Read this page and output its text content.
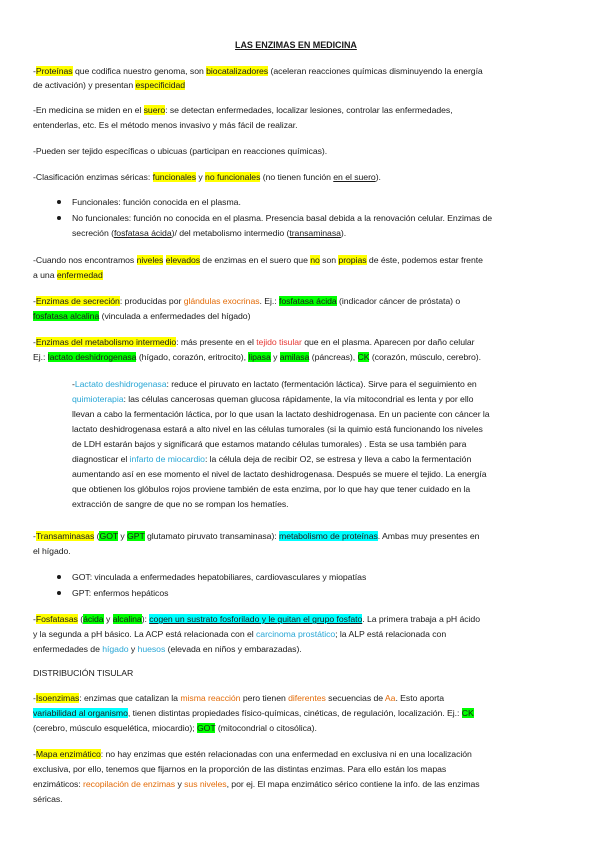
LAS ENZIMAS EN MEDICINA
-Proteínas que codifica nuestro genoma, son biocatalizadores (aceleran reacciones químicas disminuyendo la energía
de activación) y presentan especificidad
-En medicina se miden en el suero: se detectan enfermedades, localizar lesiones, controlar las enfermedades,
entenderlas, etc. Es el método menos invasivo y más fácil de realizar.
-Pueden ser tejido específicas o ubicuas (participan en reacciones químicas).
-Clasificación enzimas séricas: funcionales y no funcionales (no tienen función en el suero).
Funcionales: función conocida en el plasma.
No funcionales: función no conocida en el plasma. Presencia basal debida a la renovación celular. Enzimas de
secreción (fosfatasa ácida)/ del metabolismo intermedio (transaminasa).
-Cuando nos encontramos niveles elevados de enzimas en el suero que no son propias de éste, podemos estar frente
a una enfermedad
-Enzimas de secreción: producidas por glándulas exocrinas. Ej.: fosfatasa ácida (indicador cáncer de próstata) o
fosfatasa alcalina (vinculada a enfermedades del hígado)
-Enzimas del metabolismo intermedio: más presente en el tejido tisular que en el plasma. Aparecen por daño celular
Ej.: lactato deshidrogenasa (hígado, corazón, eritrocito), lipasa y amilasa (páncreas), CK (corazón, músculo, cerebro).
-Lactato deshidrogenasa: reduce el piruvato en lactato (fermentación láctica). Sirve para el seguimiento en
quimioterapia: las células cancerosas queman glucosa rápidamente, la vía mitocondrial es lenta y por ello
llevan a cabo la fermentación láctica, por lo que usan la lactato deshidrogenasa. En un paciente con cáncer la
lactato deshidrogenasa estará a alto nivel en las células tumorales (si la quimio está funcionando los niveles
de LDH estarán bajos y significará que estamos matando células tumorales) . Esta se usa también para
diagnosticar el infarto de miocardio: la célula deja de recibir O2, se estresa y lleva a cabo la fermentación
aumentando así en ese momento el nivel de lactato deshidrogenasa. Después se muere el tejido. La energía
que obtienen los glóbulos rojos proviene también de esta enzima, por lo que hay que tener cuidado en la
extracción de sangre de que no se rompan los hematíes.
-Transaminasas (GOT y GPT glutamato piruvato transaminasa): metabolismo de proteínas. Ambas muy presentes en
el hígado.
GOT: vinculada a enfermedades hepatobiliares, cardiovasculares y miopatías
GPT: enfermos hepáticos
-Fosfatasas (ácida y alcalina): cogen un sustrato fosforilado y le quitan el grupo fosfato. La primera trabaja a pH ácido
y la segunda a pH básico. La ACP está relacionada con el carcinoma prostático; la ALP está relacionada con
enfermedades de hígado y huesos (elevada en niños y embarazadas).
DISTRIBUCIÓN TISULAR
-Isoenzimas: enzimas que catalizan la misma reacción pero tienen diferentes secuencias de Aa. Esto aporta
variabilidad al organismo, tienen distintas propiedades físico-químicas, cinéticas, de regulación, localización. Ej.: CK
(cerebro, músculo esquelética, miocardio); GOT (mitocondrial o citosólica).
-Mapa enzimático: no hay enzimas que estén relacionadas con una enfermedad en exclusiva ni en una localización
exclusiva, por ello, tenemos que fijarnos en la proporción de las distintas enzimas. Para ello están los mapas
enzimáticos: recopilación de enzimas y sus niveles, por ej. El mapa enzimático sérico contiene la info. de las enzimas
séricas.
